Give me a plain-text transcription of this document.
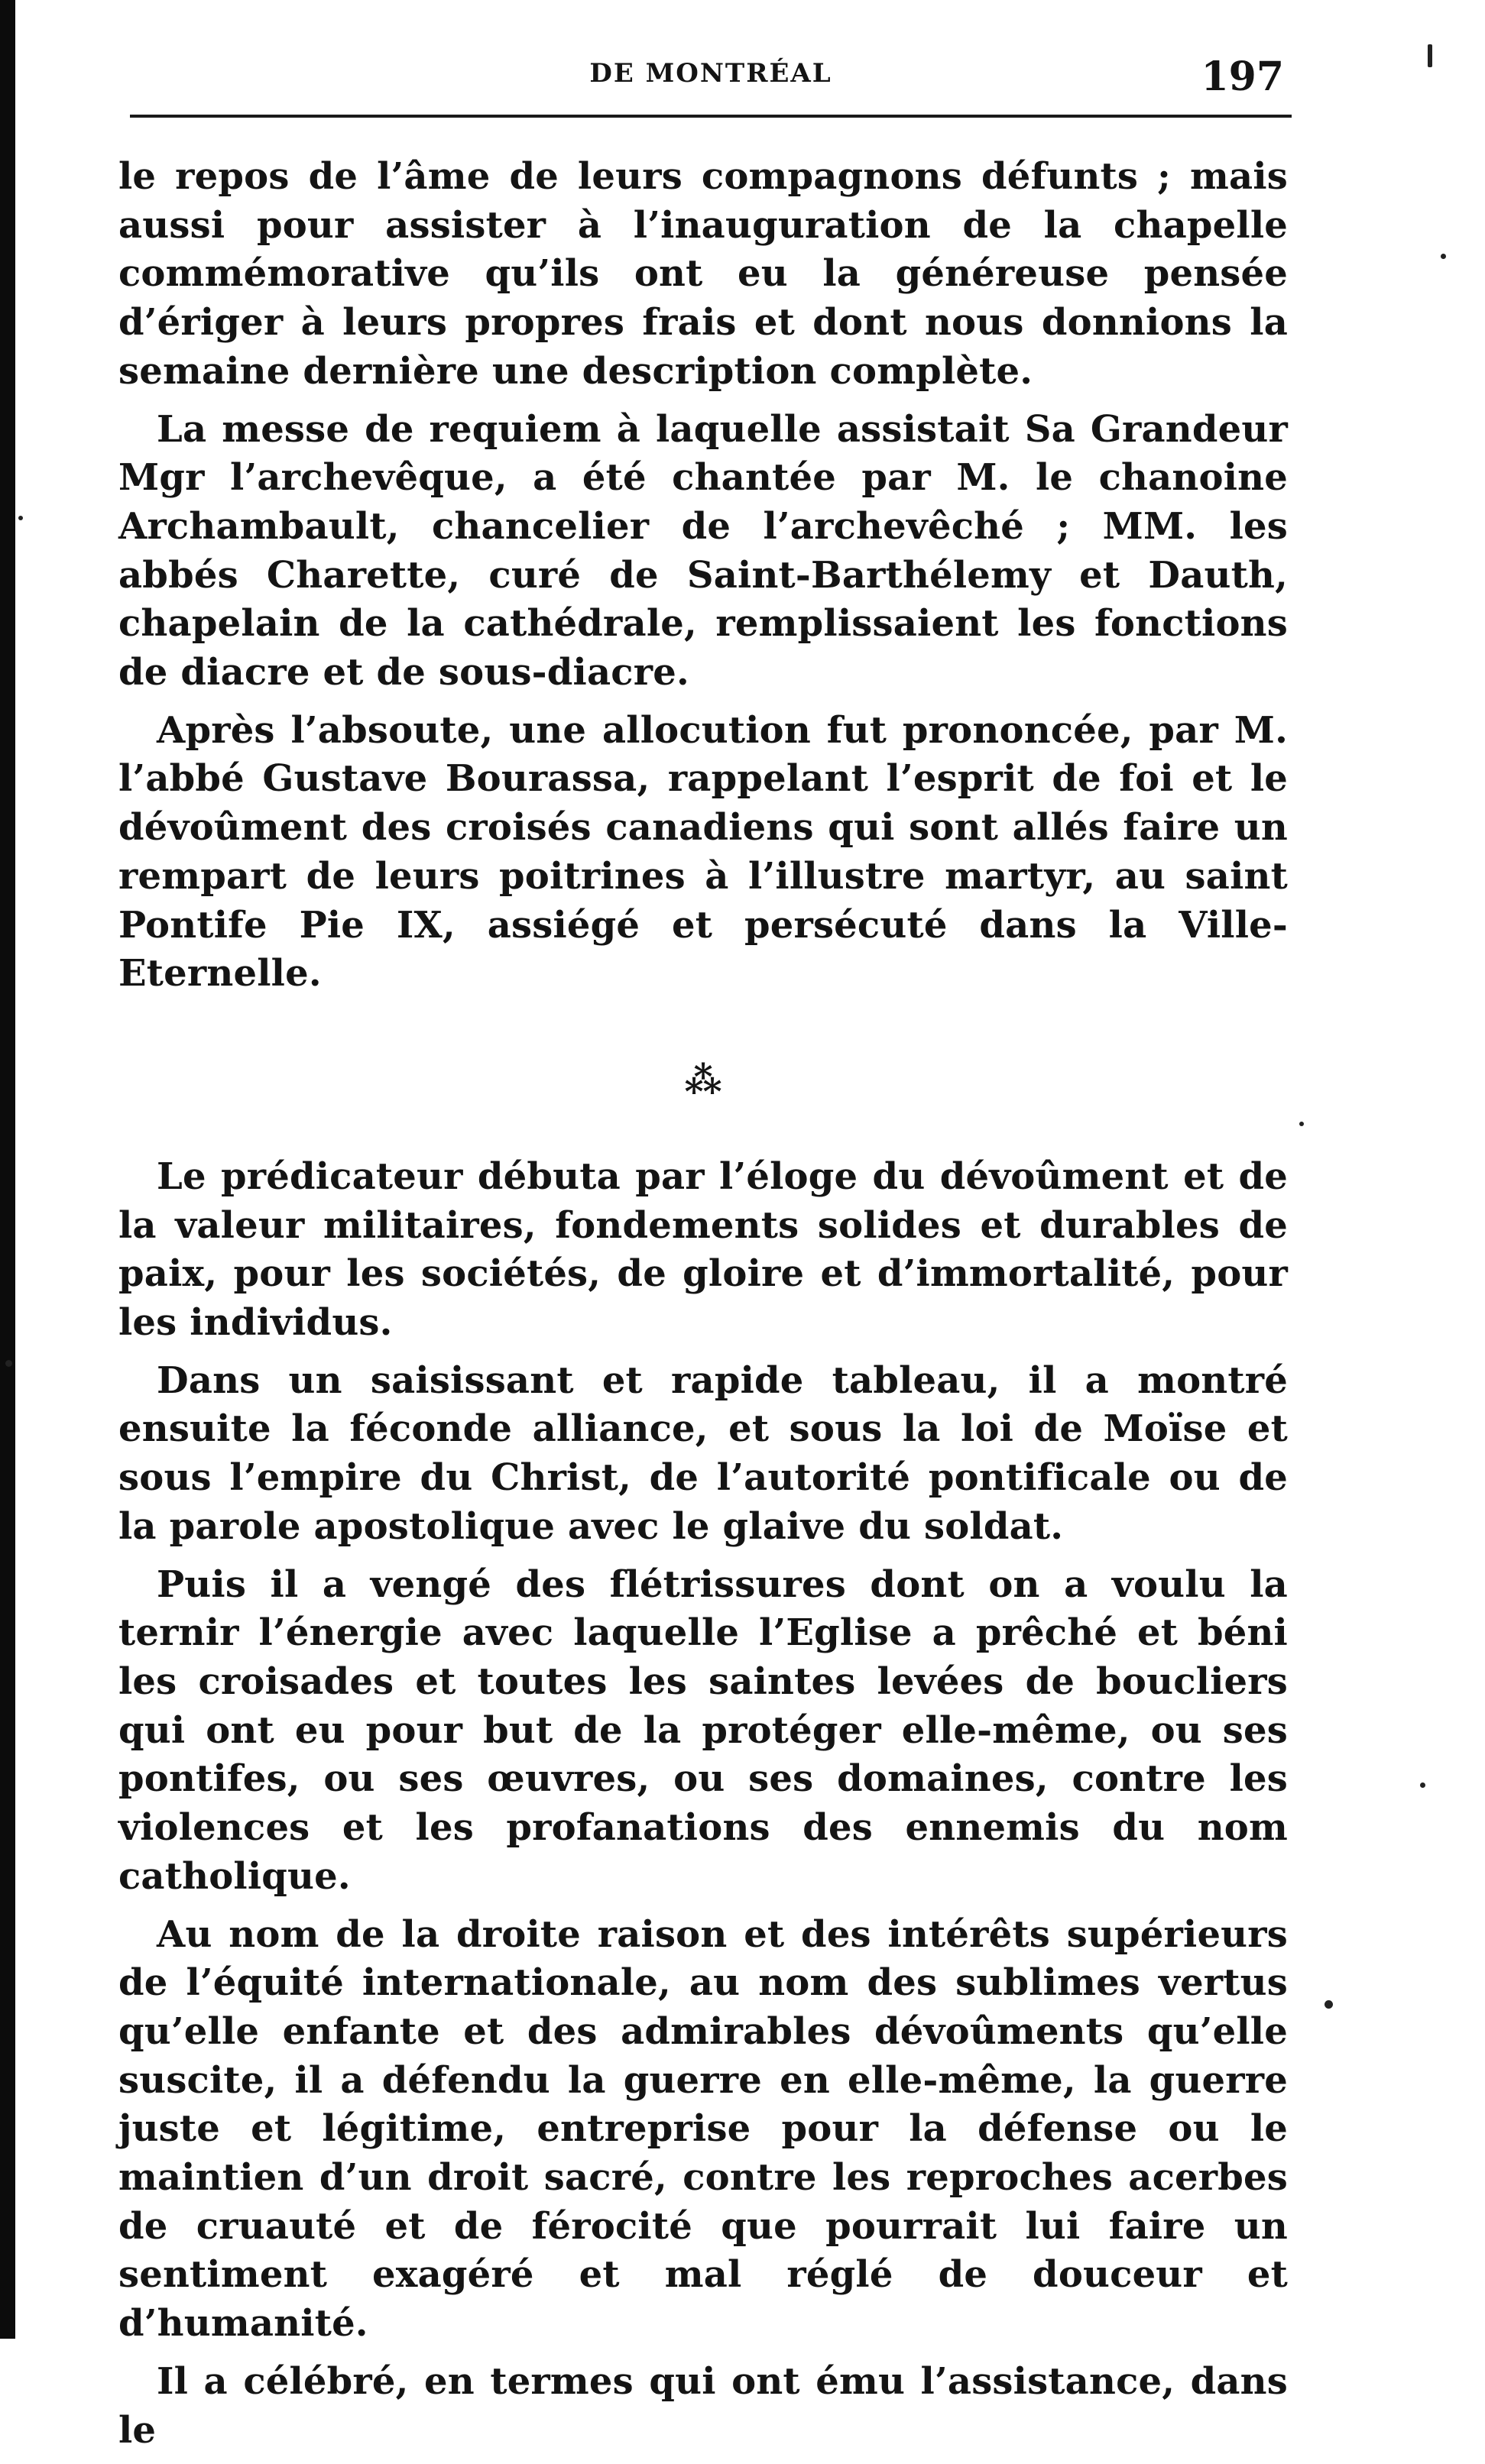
DE MONTRÉAL	197

le repos de l’âme de leurs compagnons défunts ; mais aussi pour assister à l’inauguration de la chapelle commémorative qu’ils ont eu la généreuse pensée d’ériger à leurs propres frais et dont nous donnions la semaine dernière une description complète.

La messe de requiem à laquelle assistait Sa Grandeur Mgr l’archevêque, a été chantée par M. le chanoine Archambault, chancelier de l’archevêché ; MM. les abbés Charette, curé de Saint-Barthélemy et Dauth, chapelain de la cathédrale, remplissaient les fonctions de diacre et de sous-diacre.

Après l’absoute, une allocution fut prononcée, par M. l’abbé Gustave Bourassa, rappelant l’esprit de foi et le dévoûment des croisés canadiens qui sont allés faire un rempart de leurs poitrines à l’illustre martyr, au saint Pontife Pie IX, assiégé et persécuté dans la Ville-Eternelle.

⁂

Le prédicateur débuta par l’éloge du dévoûment et de la valeur militaires, fondements solides et durables de paix, pour les sociétés, de gloire et d’immortalité, pour les individus.

Dans un saisissant et rapide tableau, il a montré ensuite la féconde alliance, et sous la loi de Moïse et sous l’empire du Christ, de l’autorité pontificale ou de la parole apostolique avec le glaive du soldat.

Puis il a vengé des flétrissures dont on a voulu la ternir l’énergie avec laquelle l’Eglise a prêché et béni les croisades et toutes les saintes levées de boucliers qui ont eu pour but de la protéger elle-même, ou ses pontifes, ou ses œuvres, ou ses domaines, contre les violences et les profanations des ennemis du nom catholique.

Au nom de la droite raison et des intérêts supérieurs de l’équité internationale, au nom des sublimes vertus qu’elle enfante et des admirables dévoûments qu’elle suscite, il a défendu la guerre en elle-même, la guerre juste et légitime, entreprise pour la défense ou le maintien d’un droit sacré, contre les reproches acerbes de cruauté et de férocité que pourrait lui faire un sentiment exagéré et mal réglé de douceur et d’humanité.

Il a célébré, en termes qui ont ému l’assistance, dans le
